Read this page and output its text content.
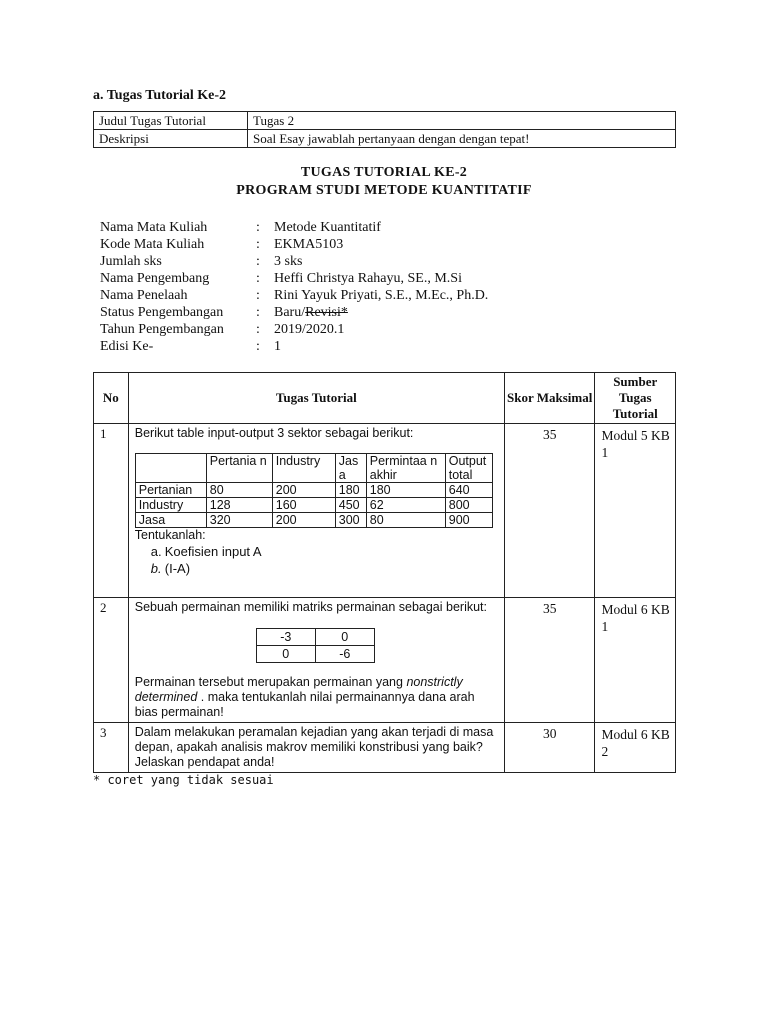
a. Tugas Tutorial Ke-2
Judul Tugas Tutorial	Tugas 2
Deskripsi	Soal Esay jawablah pertanyaan dengan dengan tepat!
TUGAS TUTORIAL KE-2
PROGRAM STUDI METODE KUANTITATIF
Nama Mata Kuliah	: Metode Kuantitatif
Kode Mata Kuliah	: EKMA5103
Jumlah sks	: 3 sks
Nama Pengembang	: Heffi Christya Rahayu, SE., M.Si
Nama Penelaah	: Rini Yayuk Priyati, S.E., M.Ec., Ph.D.
Status Pengembangan	: Baru/Revisi*
Tahun Pengembangan	: 2019/2020.1
Edisi Ke-	: 1
No	Tugas Tutorial	Skor Maksimal	Sumber Tugas Tutorial
1	Berikut table input-output 3 sektor sebagai berikut:
	Pertania n	Industry	Jas a	Permintaa n akhir	Output total
Pertanian	80	200	180	180	640
Industry	128	160	450	62	800
Jasa	320	200	300	80	900
Tentukanlah:
a. Koefisien input A
b. (I-A)
	35	Modul 5 KB 1
2	Sebuah permainan memiliki matriks permainan sebagai berikut:
-3	0
0	-6
Permainan tersebut merupakan permainan yang nonstrictly determined . maka tentukanlah nilai permainannya dana arah bias permainan!
	35	Modul 6 KB 1
3	Dalam melakukan peramalan kejadian yang akan terjadi di masa depan, apakah analisis makrov memiliki konstribusi yang baik? Jelaskan pendapat anda!	30	Modul 6 KB 2
* coret yang tidak sesuai
